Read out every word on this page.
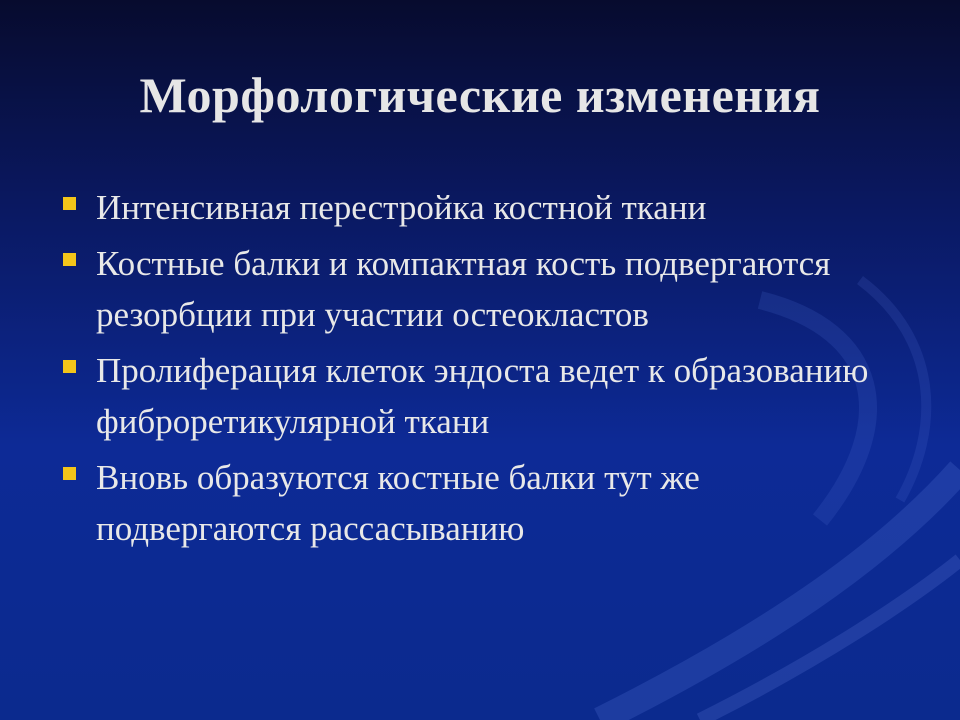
Морфологические изменения
Интенсивная перестройка костной ткани
Костные балки и компактная кость подвергаются резорбции при участии остеокластов
Пролиферация клеток эндоста ведет к образованию фиброретикулярной ткани
Вновь образуются костные балки тут же подвергаются рассасыванию
